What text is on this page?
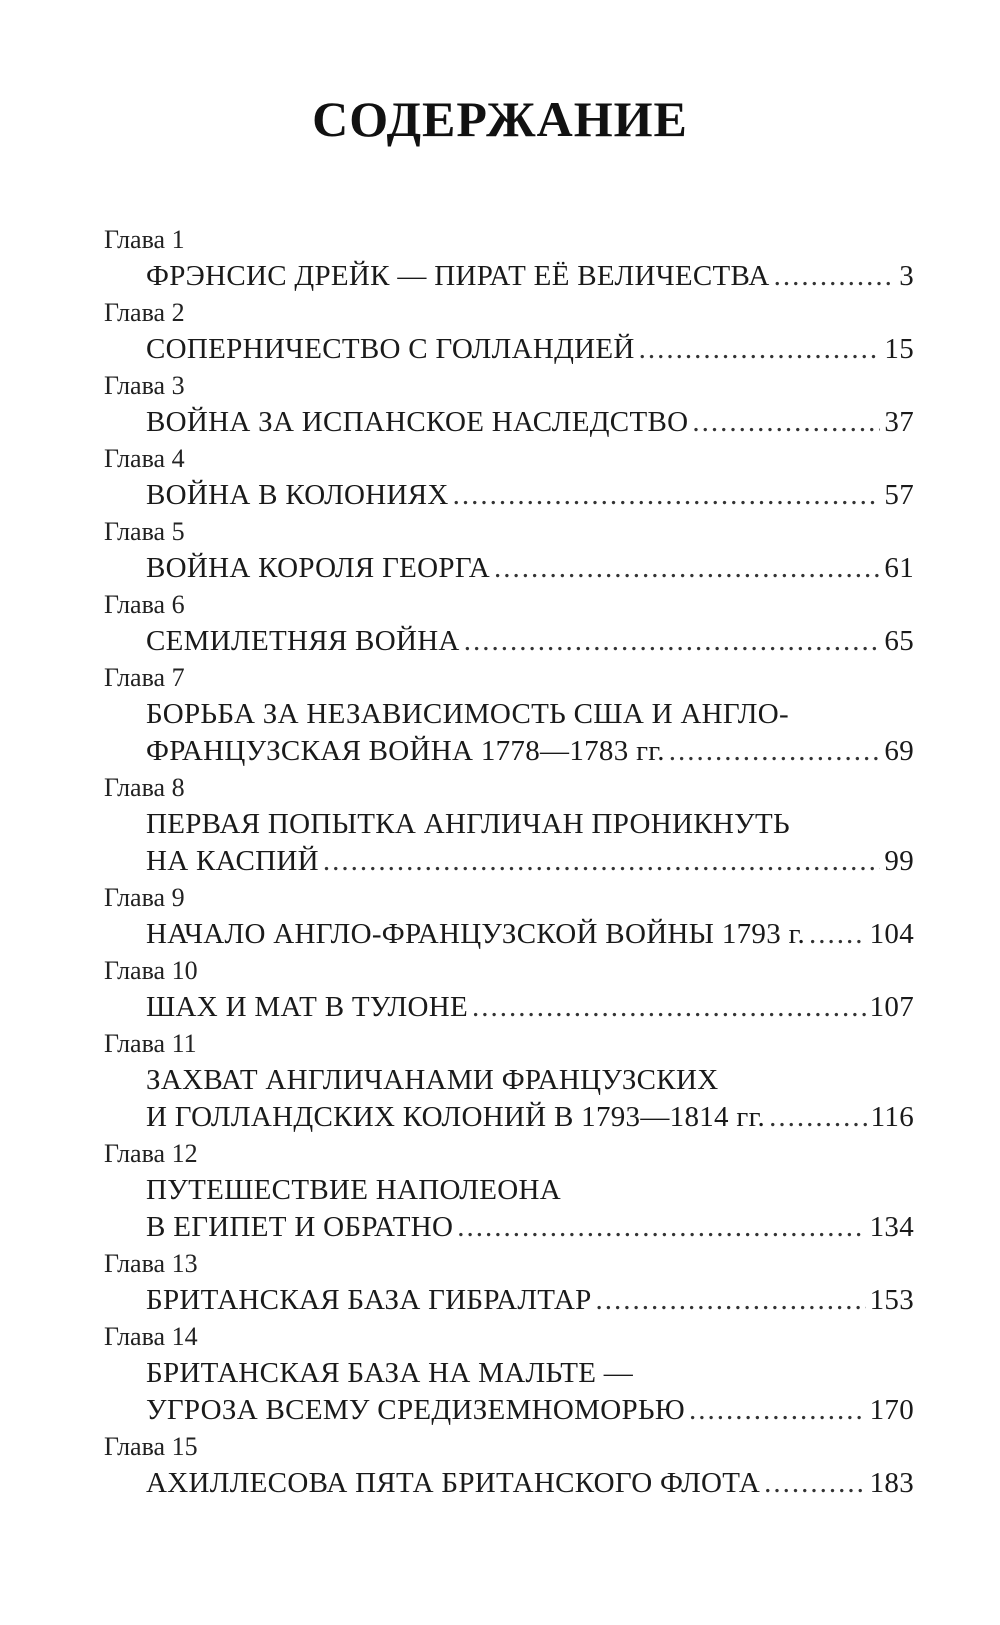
СОДЕРЖАНИЕ
Глава 1
ФРЭНСИС ДРЕЙК — ПИРАТ ЕЁ ВЕЛИЧЕСТВА .....	3
Глава 2
СОПЕРНИЧЕСТВО С ГОЛЛАНДИЕЙ .....	15
Глава 3
ВОЙНА ЗА ИСПАНСКОЕ НАСЛЕДСТВО .....	37
Глава 4
ВОЙНА В КОЛОНИЯХ .....	57
Глава 5
ВОЙНА КОРОЛЯ ГЕОРГА .....	61
Глава 6
СЕМИЛЕТНЯЯ ВОЙНА .....	65
Глава 7
БОРЬБА ЗА НЕЗАВИСИМОСТЬ США И АНГЛО-
ФРАНЦУЗСКАЯ ВОЙНА 1778—1783 гг. .....	69
Глава 8
ПЕРВАЯ ПОПЫТКА АНГЛИЧАН ПРОНИКНУТЬ
НА КАСПИЙ .....	99
Глава 9
НАЧАЛО АНГЛО-ФРАНЦУЗСКОЙ ВОЙНЫ 1793 г. ..... 104
Глава 10
ШАХ И МАТ В ТУЛОНЕ .....	107
Глава 11
ЗАХВАТ АНГЛИЧАНАМИ ФРАНЦУЗСКИХ
И ГОЛЛАНДСКИХ КОЛОНИЙ В 1793—1814 гг. .....	116
Глава 12
ПУТЕШЕСТВИЕ НАПОЛЕОНА
В ЕГИПЕТ И ОБРАТНО .....	134
Глава 13
БРИТАНСКАЯ БАЗА ГИБРАЛТАР .....	153
Глава 14
БРИТАНСКАЯ БАЗА НА МАЛЬТЕ —
УГРОЗА ВСЕМУ СРЕДИЗЕМНОМОРЬЮ .....	170
Глава 15
АХИЛЛЕСОВА ПЯТА БРИТАНСКОГО ФЛОТА .....	183
